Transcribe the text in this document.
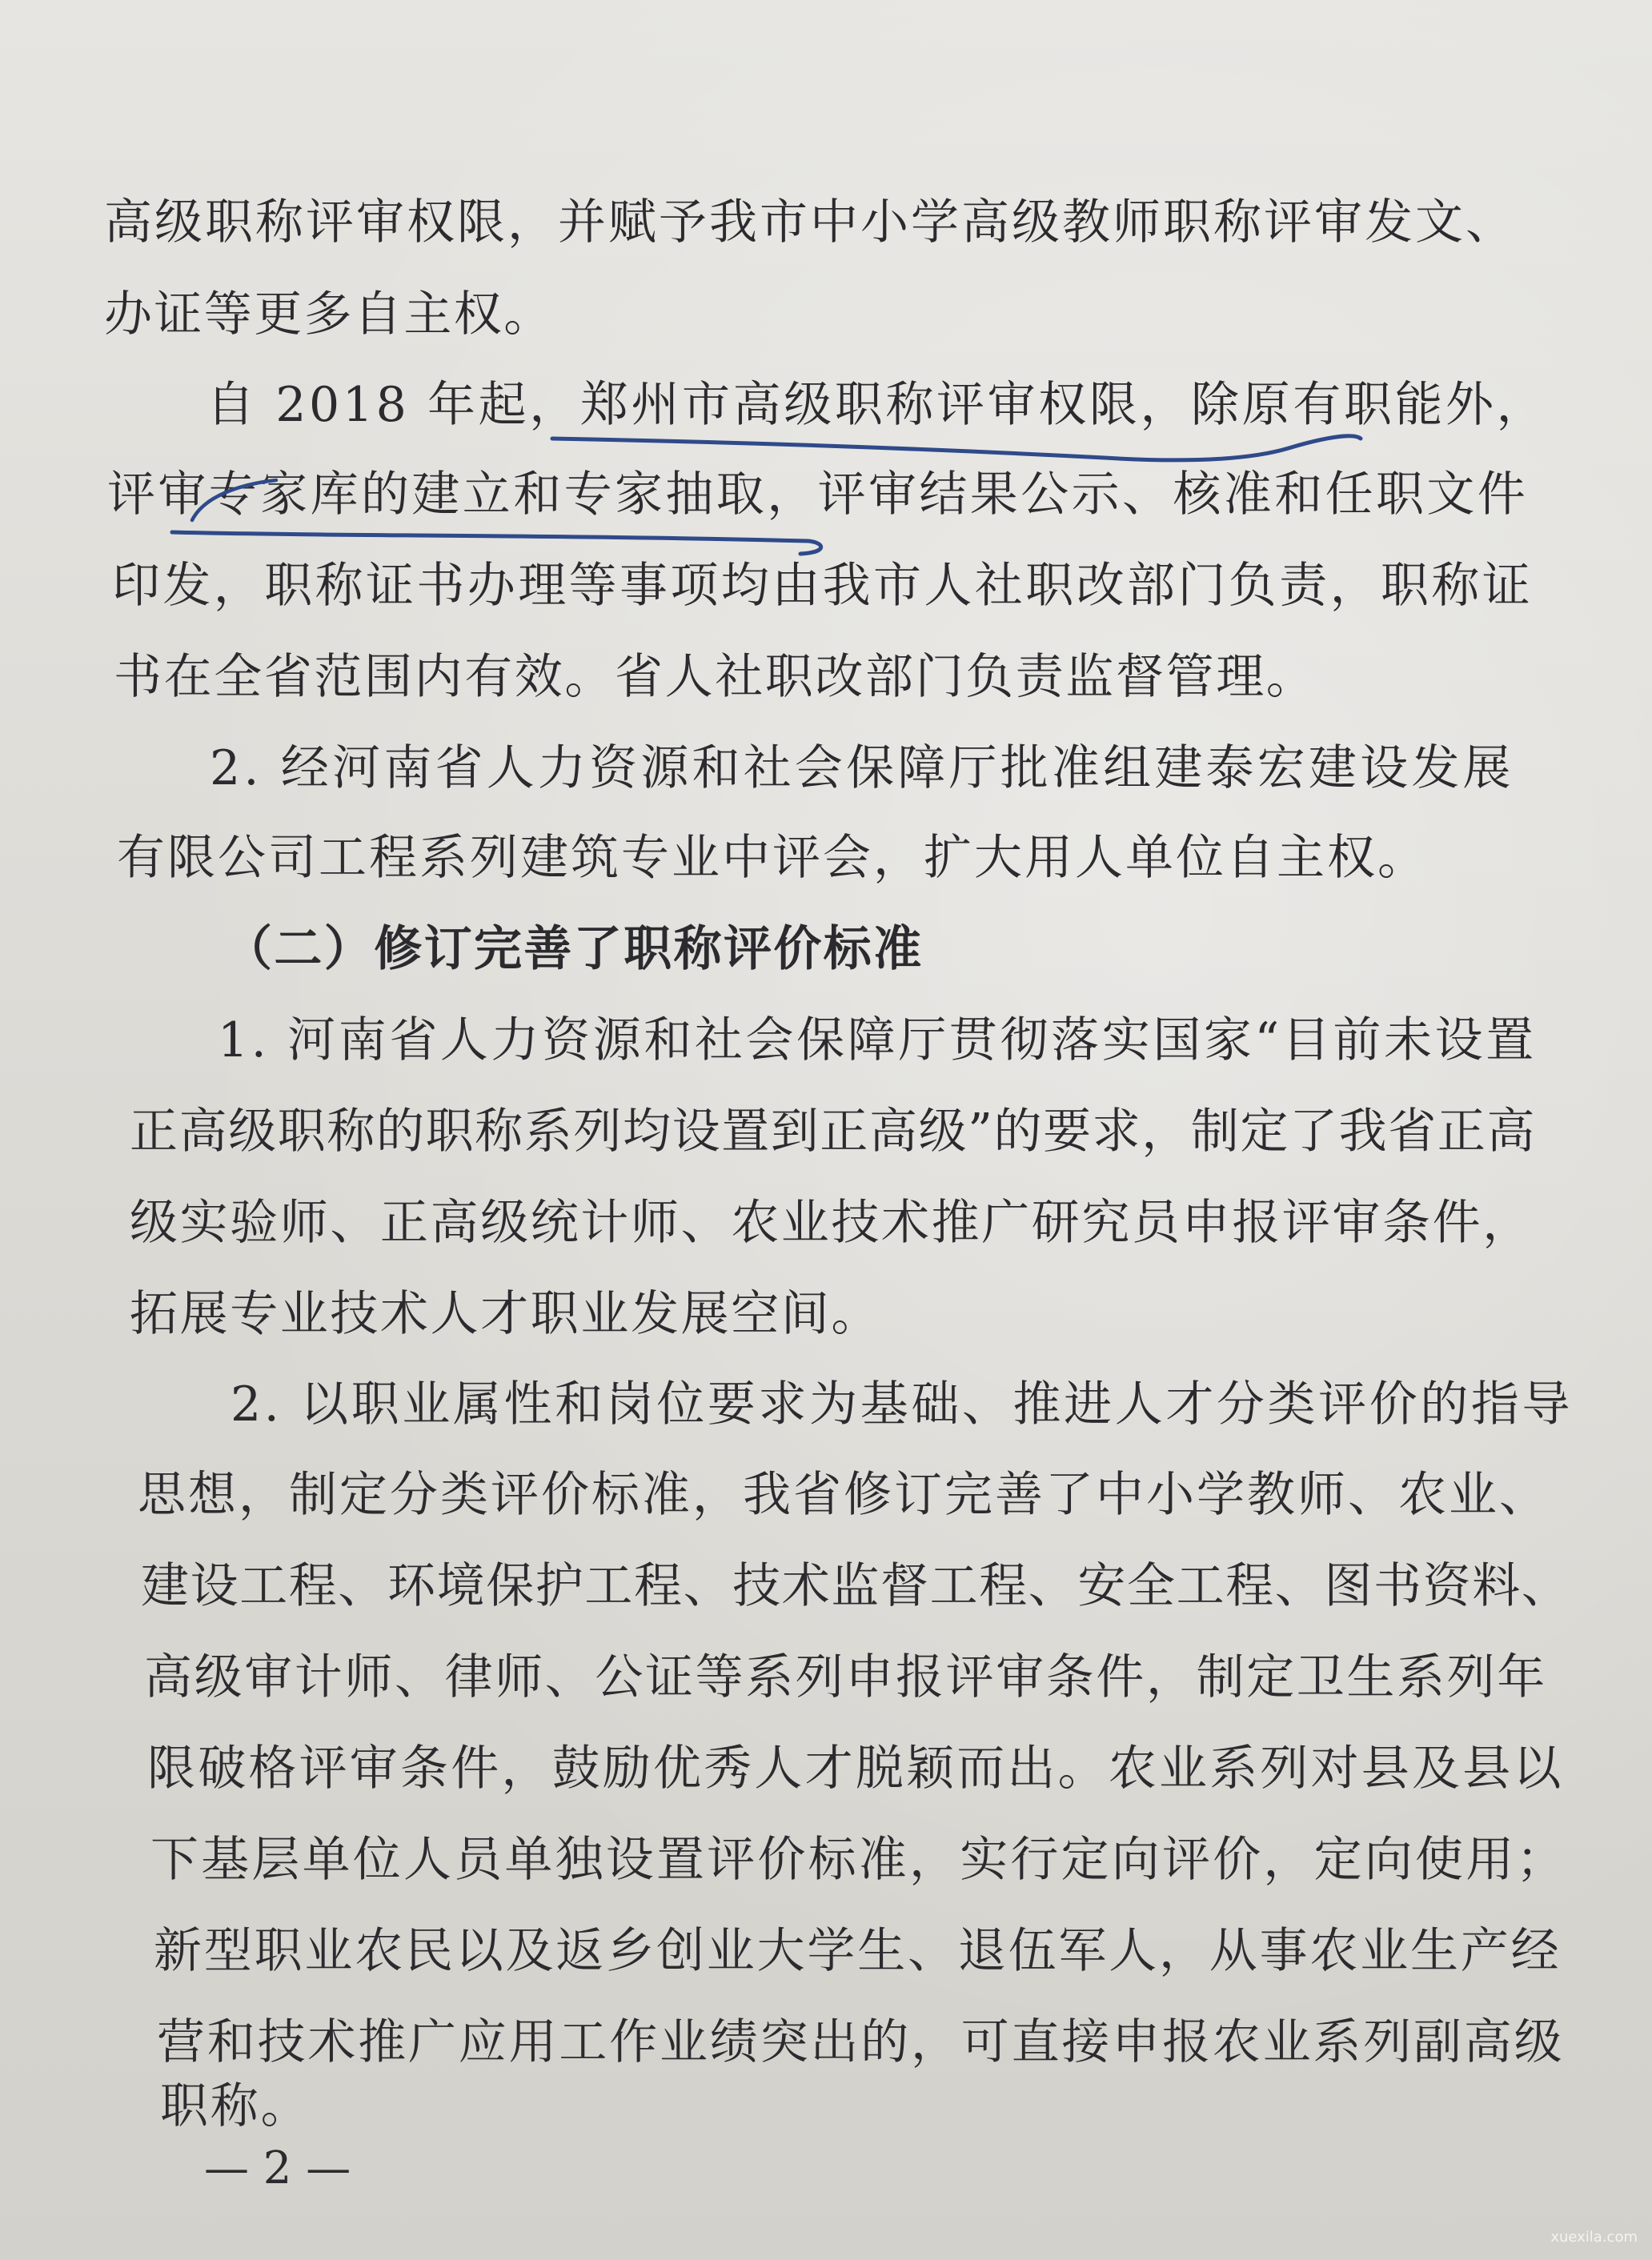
高级职称评审权限，并赋予我市中小学高级教师职称评审发文、
办证等更多自主权。
自 2018 年起，郑州市高级职称评审权限，除原有职能外，
评审专家库的建立和专家抽取，评审结果公示、核准和任职文件
印发，职称证书办理等事项均由我市人社职改部门负责，职称证
书在全省范围内有效。省人社职改部门负责监督管理。
2. 经河南省人力资源和社会保障厅批准组建泰宏建设发展
有限公司工程系列建筑专业中评会，扩大用人单位自主权。
（二）修订完善了职称评价标准
1. 河南省人力资源和社会保障厅贯彻落实国家“目前未设置
正高级职称的职称系列均设置到正高级”的要求，制定了我省正高
级实验师、正高级统计师、农业技术推广研究员申报评审条件，
拓展专业技术人才职业发展空间。
2. 以职业属性和岗位要求为基础、推进人才分类评价的指导
思想，制定分类评价标准，我省修订完善了中小学教师、农业、
建设工程、环境保护工程、技术监督工程、安全工程、图书资料、
高级审计师、律师、公证等系列申报评审条件，制定卫生系列年
限破格评审条件，鼓励优秀人才脱颖而出。农业系列对县及县以
下基层单位人员单独设置评价标准，实行定向评价，定向使用；
新型职业农民以及返乡创业大学生、退伍军人，从事农业生产经
营和技术推广应用工作业绩突出的，可直接申报农业系列副高级
职称。
— 2 —
xuexila.com
